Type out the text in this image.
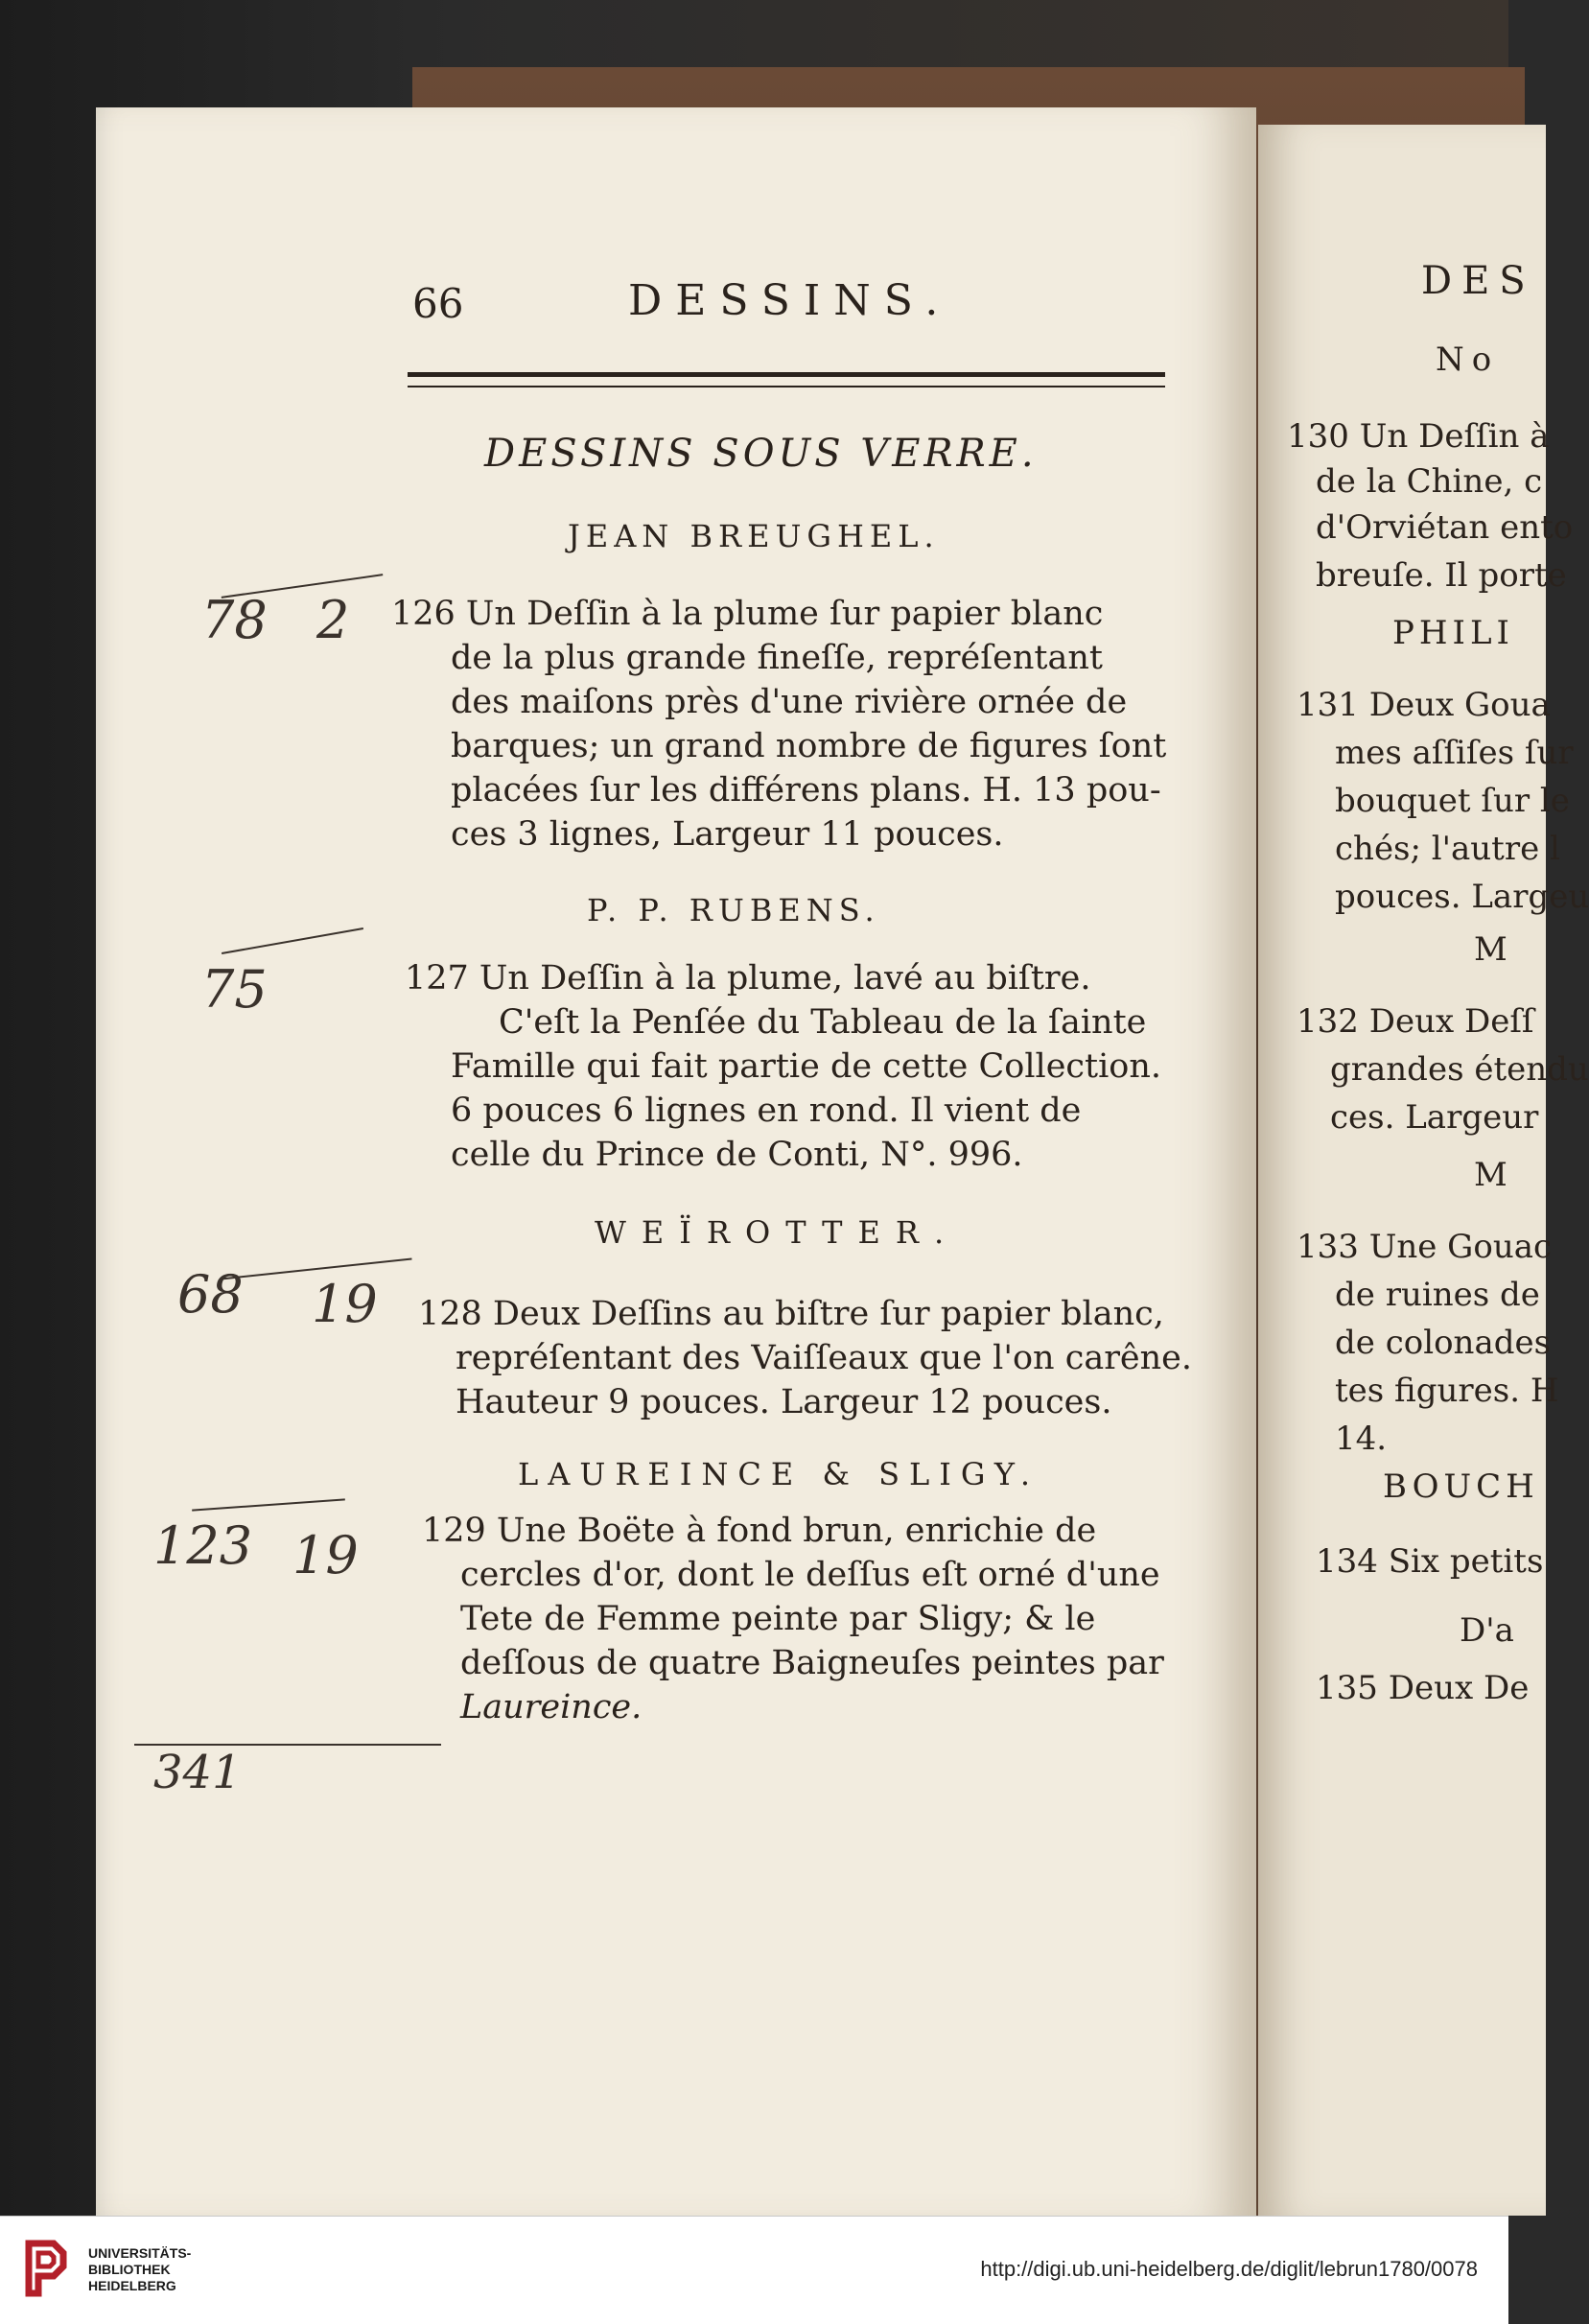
66	DESSINS.
DESSINS SOUS VERRE.
JEAN BREUGHEL.
126 Un Deſſin à la plume ſur papier blanc
de la plus grande fineſſe, repréſentant
des maiſons près d'une rivière ornée de
barques; un grand nombre de figures ſont
placées ſur les différens plans. H. 13 pou-
ces 3 lignes, Largeur 11 pouces.
P. P. RUBENS.
127 Un Deſſin à la plume, lavé au biſtre.
C'eſt la Penſée du Tableau de la ſainte
Famille qui fait partie de cette Collection.
6 pouces 6 lignes en rond. Il vient de
celle du Prince de Conti, N°. 996.
WEÏROTTER.
128 Deux Deſſins au biſtre ſur papier blanc,
repréſentant des Vaiſſeaux que l'on carêne.
Hauteur 9 pouces. Largeur 12 pouces.
LAUREINCE & SLIGY.
129 Une Boëte à fond brun, enrichie de
cercles d'or, dont le deſſus eſt orné d'une
Tete de Femme peinte par Sligy; & le
deſſous de quatre Baigneuſes peintes par
Laureince.
78 2
75
68 19
123 19
341
DES
No
130 Un Deſſin à
de la Chine, c
d'Orviétan ento
breuſe. Il porte
PHILI
131 Deux Goua
mes aſſiſes ſur
bouquet ſur le
chés; l'autre l
pouces. Largeu
M
132 Deux Deſſ
grandes étendu
ces. Largeur
M
133 Une Gouac
de ruines de
de colonades
tes figures. H
14.
BOUCH
134 Six petits
D'a
135 Deux De
UNIVERSITÄTS-
BIBLIOTHEK
HEIDELBERG
http://digi.ub.uni-heidelberg.de/diglit/lebrun1780/0078
